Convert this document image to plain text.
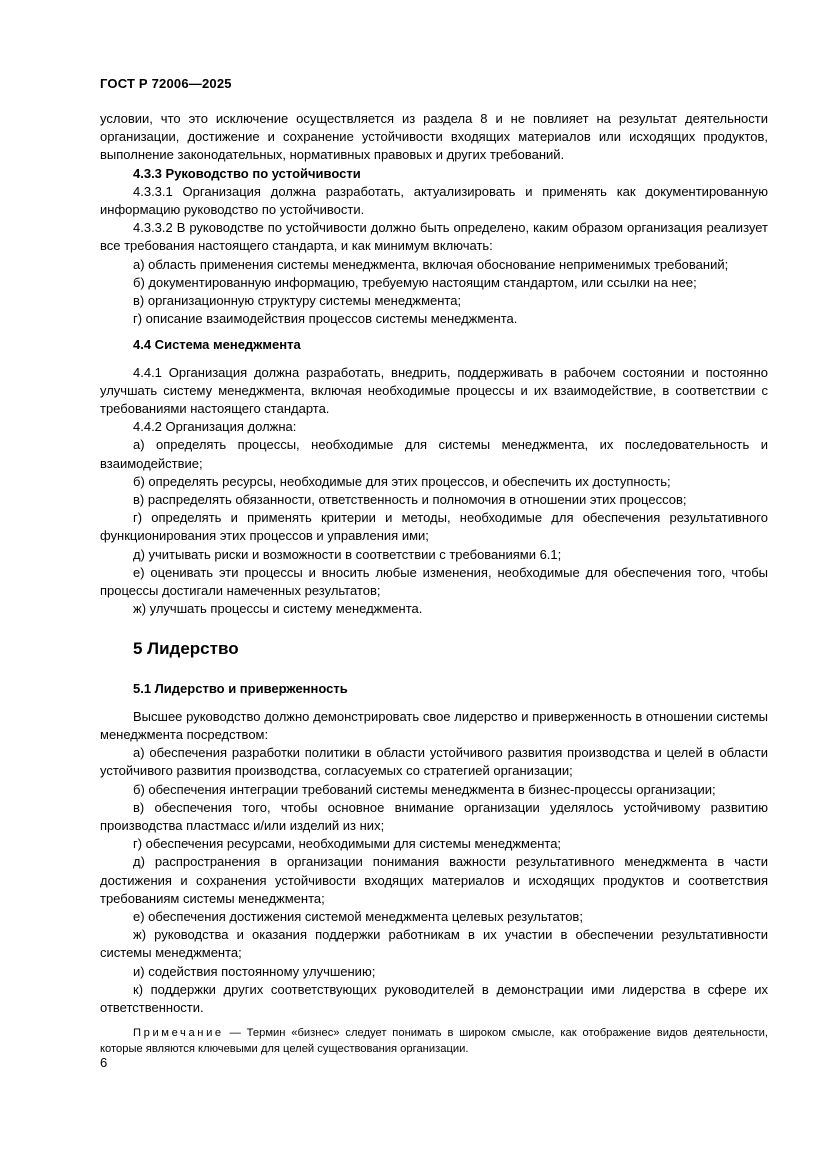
ГОСТ Р 72006—2025

условии, что это исключение осуществляется из раздела 8 и не повлияет на результат деятельности организации, достижение и сохранение устойчивости входящих материалов или исходящих продуктов, выполнение законодательных, нормативных правовых и других требований.

4.3.3 Руководство по устойчивости

4.3.3.1 Организация должна разработать, актуализировать и применять как документированную информацию руководство по устойчивости.

4.3.3.2 В руководстве по устойчивости должно быть определено, каким образом организация реализует все требования настоящего стандарта, и как минимум включать:

а) область применения системы менеджмента, включая обоснование неприменимых требований;

б) документированную информацию, требуемую настоящим стандартом, или ссылки на нее;

в) организационную структуру системы менеджмента;

г) описание взаимодействия процессов системы менеджмента.

4.4 Система менеджмента

4.4.1 Организация должна разработать, внедрить, поддерживать в рабочем состоянии и постоянно улучшать систему менеджмента, включая необходимые процессы и их взаимодействие, в соответствии с требованиями настоящего стандарта.

4.4.2 Организация должна:

а) определять процессы, необходимые для системы менеджмента, их последовательность и взаимодействие;

б) определять ресурсы, необходимые для этих процессов, и обеспечить их доступность;

в) распределять обязанности, ответственность и полномочия в отношении этих процессов;

г) определять и применять критерии и методы, необходимые для обеспечения результативного функционирования этих процессов и управления ими;

д) учитывать риски и возможности в соответствии с требованиями 6.1;

е) оценивать эти процессы и вносить любые изменения, необходимые для обеспечения того, чтобы процессы достигали намеченных результатов;

ж) улучшать процессы и систему менеджмента.

5 Лидерство

5.1 Лидерство и приверженность

Высшее руководство должно демонстрировать свое лидерство и приверженность в отношении системы менеджмента посредством:

а) обеспечения разработки политики в области устойчивого развития производства и целей в области устойчивого развития производства, согласуемых со стратегией организации;

б) обеспечения интеграции требований системы менеджмента в бизнес-процессы организации;

в) обеспечения того, чтобы основное внимание организации уделялось устойчивому развитию производства пластмасс и/или изделий из них;

г) обеспечения ресурсами, необходимыми для системы менеджмента;

д) распространения в организации понимания важности результативного менеджмента в части достижения и сохранения устойчивости входящих материалов и исходящих продуктов и соответствия требованиям системы менеджмента;

е) обеспечения достижения системой менеджмента целевых результатов;

ж) руководства и оказания поддержки работникам в их участии в обеспечении результативности системы менеджмента;

и) содействия постоянному улучшению;

к) поддержки других соответствующих руководителей в демонстрации ими лидерства в сфере их ответственности.

Примечание — Термин «бизнес» следует понимать в широком смысле, как отображение видов деятельности, которые являются ключевыми для целей существования организации.

6
